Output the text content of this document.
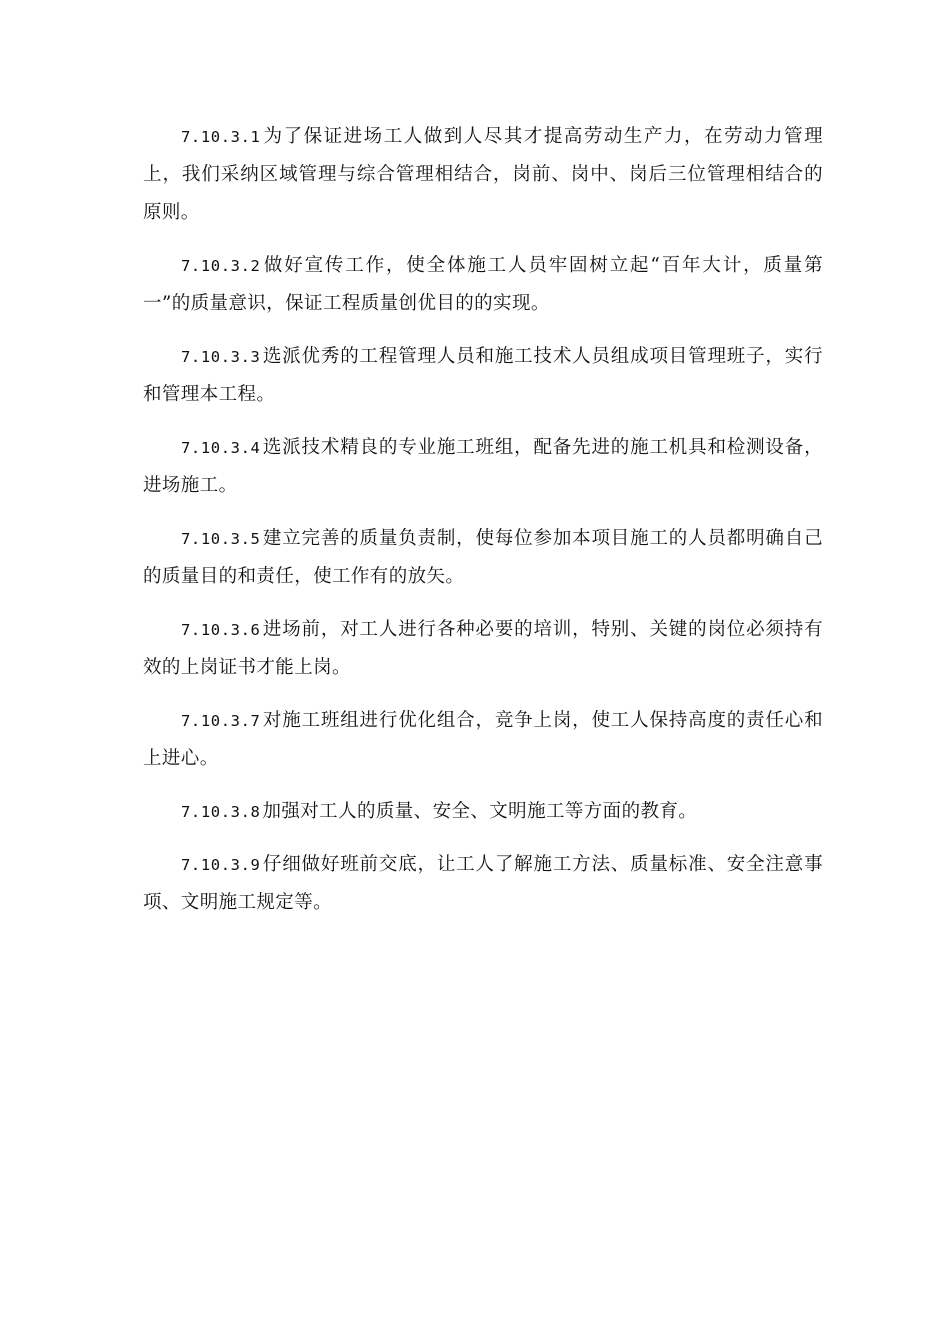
7.10.3.1 为了保证进场工人做到人尽其才提高劳动生产力，在劳动力管理上，我们采纳区域管理与综合管理相结合，岗前、岗中、岗后三位管理相结合的原则。

7.10.3.2 做好宣传工作，使全体施工人员牢固树立起“百年大计，质量第一”的质量意识，保证工程质量创优目的的实现。

7.10.3.3 选派优秀的工程管理人员和施工技术人员组成项目管理班子，实行和管理本工程。

7.10.3.4 选派技术精良的专业施工班组，配备先进的施工机具和检测设备，进场施工。

7.10.3.5 建立完善的质量负责制，使每位参加本项目施工的人员都明确自己的质量目的和责任，使工作有的放矢。

7.10.3.6 进场前，对工人进行各种必要的培训，特别、关键的岗位必须持有效的上岗证书才能上岗。

7.10.3.7 对施工班组进行优化组合，竞争上岗，使工人保持高度的责任心和上进心。

7.10.3.8 加强对工人的质量、安全、文明施工等方面的教育。

7.10.3.9 仔细做好班前交底，让工人了解施工方法、质量标准、安全注意事项、文明施工规定等。
